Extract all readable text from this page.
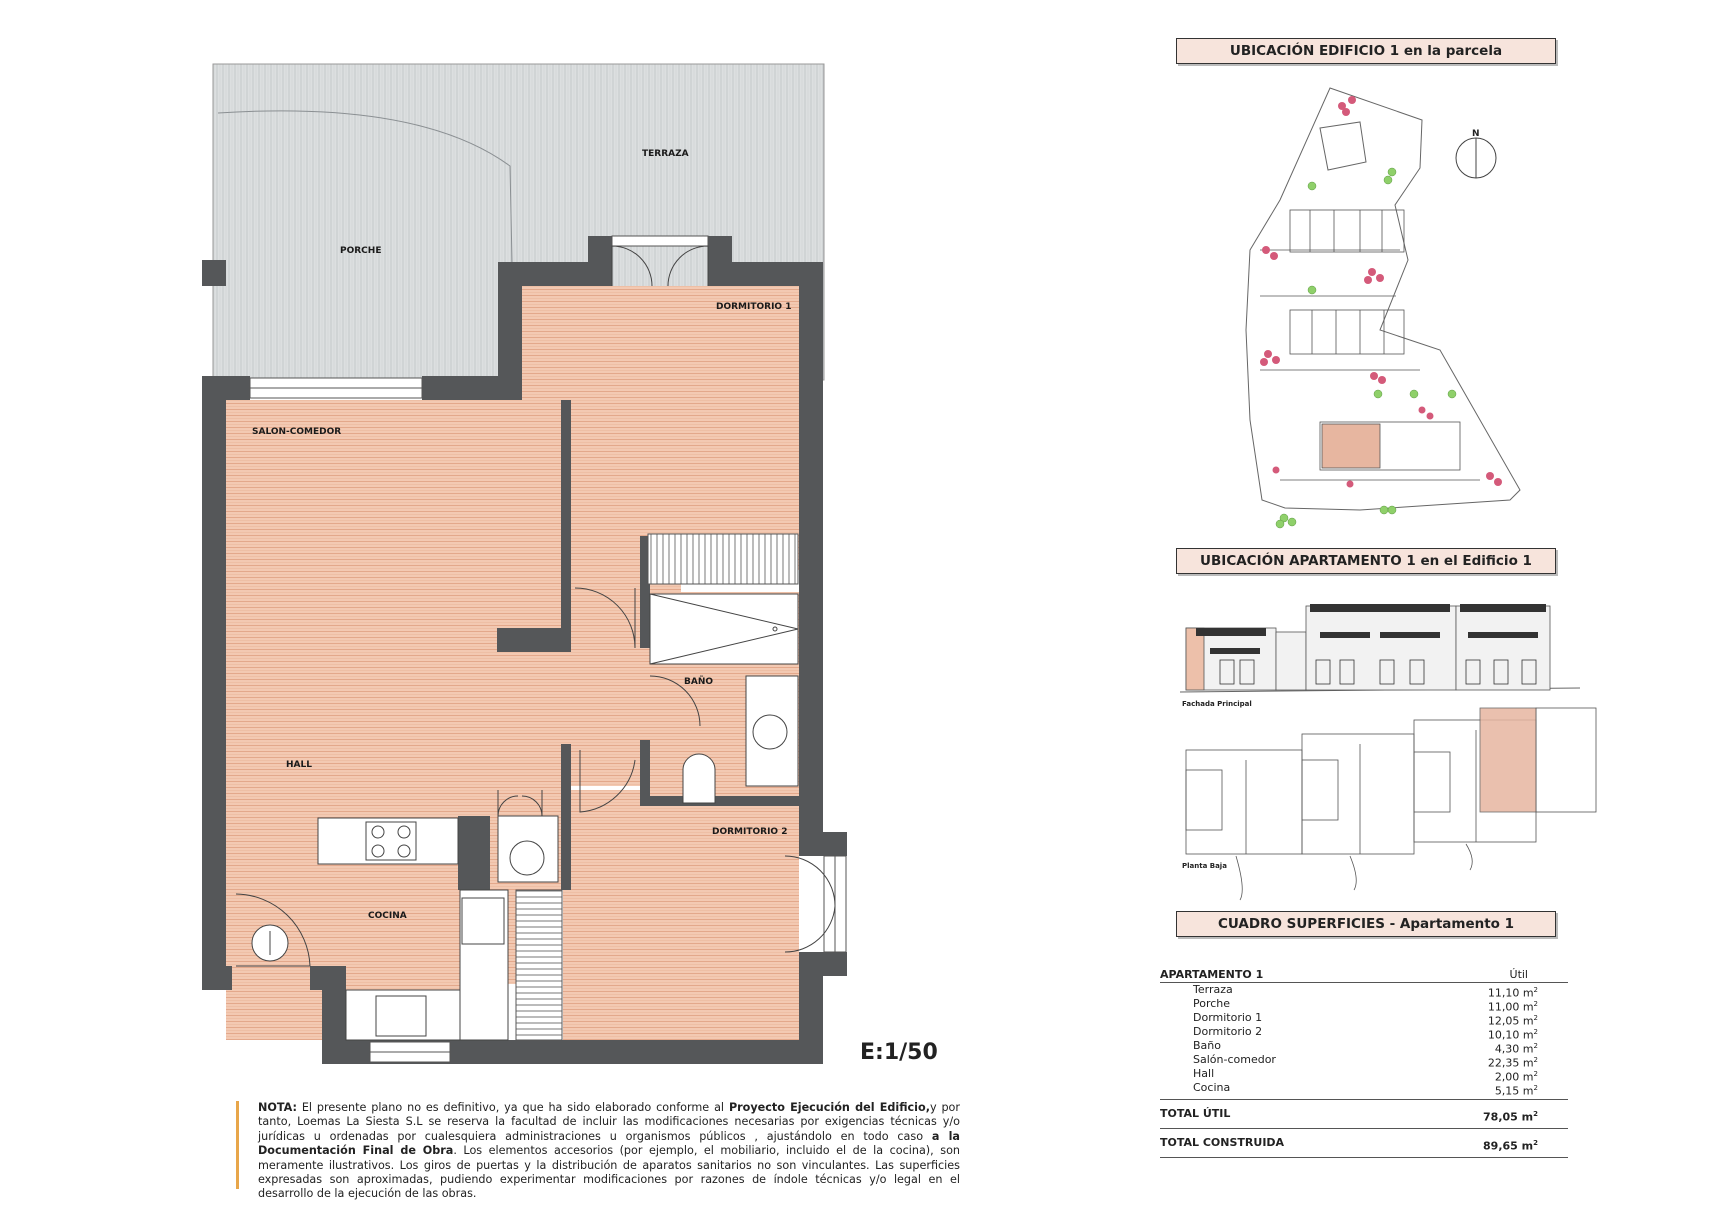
TERRAZA
PORCHE
DORMITORIO 1
SALON-COMEDOR
BAÑO
HALL
DORMITORIO 2
COCINA
N
Fachada Principal
Planta Baja
E:1/50
NOTA: El presente plano no es definitivo, ya que ha sido elaborado conforme al Proyecto Ejecución del Edificio,y por tanto, Loemas La Siesta S.L se reserva la facultad de incluir las modificaciones necesarias por exigencias técnicas y/o jurídicas u ordenadas por cualesquiera administraciones u organismos públicos , ajustándolo en todo caso a la Documentación Final de Obra. Los elementos accesorios (por ejemplo, el mobiliario, incluido el de la cocina), son meramente ilustrativos. Los giros de puertas y la distribución de aparatos sanitarios no son vinculantes. Las superficies expresadas son aproximadas, pudiendo experimentar modificaciones por razones de índole técnicas y/o legal en el desarrollo de la ejecución de las obras.
UBICACIÓN EDIFICIO 1 en la parcela
UBICACIÓN APARTAMENTO 1 en el Edificio 1
CUADRO SUPERFICIES - Apartamento 1
APARTAMENTO 1	Útil
Terraza	11,10 $m^2$
Porche	11,00 $m^2$
Dormitorio 1	12,05 $m^2$
Dormitorio 2	10,10 $m^2$
Baño	4,30 $m^2$
Salón-comedor	22,35 $m^2$
Hall	2,00 $m^2$
Cocina	5,15 $m^2$
TOTAL ÚTIL	78,05 $m^2$
TOTAL CONSTRUIDA	89,65 $m^2$
